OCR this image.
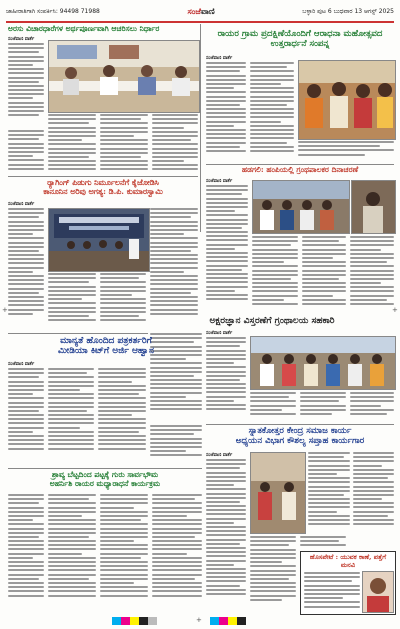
ಜಾಹೀರಾತಿಗಾಗಿ ಸಂಪರ್ಕಿಸಿ: 94498 71988	ಸಂಜೆವಾಣಿ	ಬಳ್ಳಾರಿ ಪುಟ 6 ಬುಧವಾರ 13 ಆಗಸ್ಟ್ 2025
ಅರಸು ವಿಚಾರಧಾರೆಗಳ ಅರ್ಥಪೂರ್ಣವಾಗಿ ಆಚರಿಸಲು ನಿರ್ಧಾರ
ಸಂಜೆವಾಣಿ ವಾರ್ತೆ
ರ್‍ಯಾಗಿಂಗ್ ಪಿಡುಗು ನಿರ್ಮೂಲನೆಗೆ ಕೈಜೋಡಿಸಿ
ಕಾನೂನಿನ ಅರಿವು ಅಗತ್ಯ: ಡಿ.ಪಿ. ಕುಮಾರಸ್ವಾಮಿ
ಸಂಜೆವಾಣಿ ವಾರ್ತೆ
ರಾಯರ ಗ್ರಾಮ ಪ್ರದಕ್ಷಿಣೆಯೊಂದಿಗೆ ಆರಾಧನಾ ಮಹೋತ್ಸವದ ಉತ್ತರಾರ್ಧನೆ ಸಂಪನ್ನ
ಸಂಜೆವಾಣಿ ವಾರ್ತೆ
ಹಡಗಲಿ: ಹಂಪಿಯಲ್ಲಿ ಗ್ರಂಥಪಾಲಕರ ದಿನಾಚರಣೆ
ಸಂಜೆವಾಣಿ ವಾರ್ತೆ
ಅಕ್ಷರಜ್ಞಾನ ವಿಸ್ತರಣೆಗೆ ಗ್ರಂಥಾಲಯ ಸಹಕಾರಿ
ಸಂಜೆವಾಣಿ ವಾರ್ತೆ
ಮಾನ್ಯತೆ ಹೊಂದಿದ ಪತ್ರಕರ್ತರಿಗೆ
ಮೀಡಿಯಾ ಕಿಟ್‌ಗೆ ಅರ್ಜಿ ಆಹ್ವಾನ
ಸಂಜೆವಾಣಿ ವಾರ್ತೆ
ಸ್ನಾತಕೋತ್ತರ ಕೇಂದ್ರ ಸಮಾಜ ಕಾರ್ಯ
ಅಧ್ಯಯನ ವಿಭಾಗ ಕೌಶಲ್ಯ ಸಪ್ತಾಹ ಕಾರ್ಯಗಾರ
ಸಂಜೆವಾಣಿ ವಾರ್ತೆ
ಹೊಸಪೇಟೆ : ಯುವಕ ಕಾಣೆ, ಪತ್ತೆಗೆ ಮನವಿ
ಶ್ರಾವ್ಯ ಬೆಟ್ಟದಿಂದ ಪಟ್ಟಕ್ಕೆ ಗುರು ಸಾರ್ವಭೌಮ
ಅಹರ್ನಿಶಿ ರಾಯರ ಮಧ್ಯಾರಾಧನೆ ಕಾರ್ಯಕ್ರಮ
+	+
+
